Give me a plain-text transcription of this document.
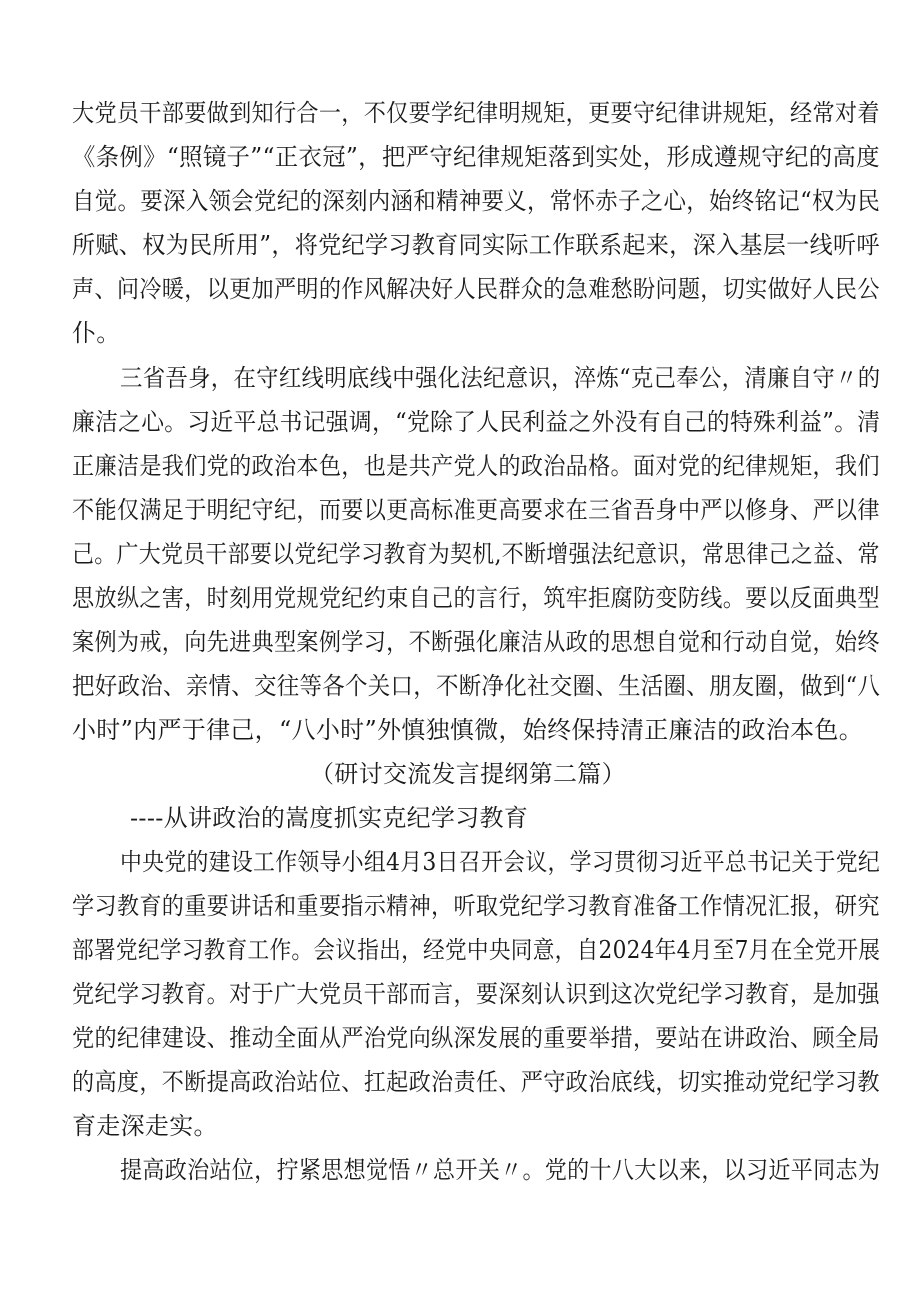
大党员干部要做到知行合一，不仅要学纪律明规矩，更要守纪律讲规矩，经常对着
《条例》“照镜子”“正衣冠”，把严守纪律规矩落到实处，形成遵规守纪的高度
自觉。要深入领会党纪的深刻内涵和精神要义，常怀赤子之心，始终铭记“权为民
所赋、权为民所用”，将党纪学习教育同实际工作联系起来，深入基层一线听呼
声、问冷暖，以更加严明的作风解决好人民群众的急难愁盼问题，切实做好人民公
仆。
三省吾身，在守红线明底线中强化法纪意识，淬炼“克己奉公，清廉自守〃的
廉洁之心。习近平总书记强调，“党除了人民利益之外没有自己的特殊利益”。清
正廉洁是我们党的政治本色，也是共产党人的政治品格。面对党的纪律规矩，我们
不能仅满足于明纪守纪，而要以更高标准更高要求在三省吾身中严以修身、严以律
己。广大党员干部要以党纪学习教育为契机,不断增强法纪意识，常思律己之益、常
思放纵之害，时刻用党规党纪约束自己的言行，筑牢拒腐防变防线。要以反面典型
案例为戒，向先进典型案例学习，不断强化廉洁从政的思想自觉和行动自觉，始终
把好政治、亲情、交往等各个关口，不断净化社交圈、生活圈、朋友圈，做到“八
小时”内严于律己，“八小时”外慎独慎微，始终保持清正廉洁的政治本色。
（研讨交流发言提纲第二篇）
----从讲政治的嵩度抓实克纪学习教育
中央党的建设工作领导小组4月3日召开会议，学习贯彻习近平总书记关于党纪
学习教育的重要讲话和重要指示精神，听取党纪学习教育准备工作情况汇报，研究
部署党纪学习教育工作。会议指出，经党中央同意，自2024年4月至7月在全党开展
党纪学习教育。对于广大党员干部而言，要深刻认识到这次党纪学习教育，是加强
党的纪律建设、推动全面从严治党向纵深发展的重要举措，要站在讲政治、顾全局
的高度，不断提高政治站位、扛起政治责任、严守政治底线，切实推动党纪学习教
育走深走实。
提高政治站位，拧紧思想觉悟〃总开关〃。党的十八大以来，以习近平同志为
